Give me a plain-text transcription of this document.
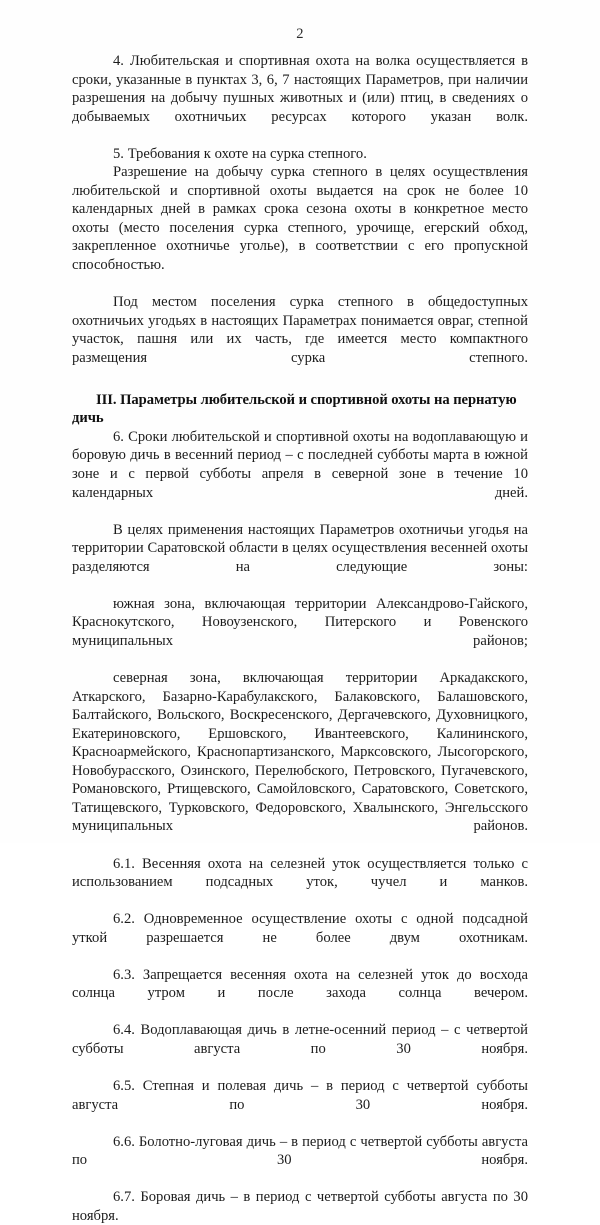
2

4. Любительская и спортивная охота на волка осуществляется в сроки, указанные в пунктах 3, 6, 7 настоящих Параметров, при наличии разрешения на добычу пушных животных и (или) птиц, в сведениях о добываемых охотничьих ресурсах которого указан волк.

5. Требования к охоте на сурка степного.

Разрешение на добычу сурка степного в целях осуществления любительской и спортивной охоты выдается на срок не более 10 календарных дней в рамках срока сезона охоты в конкретное место охоты (место поселения сурка степного, урочище, егерский обход, закрепленное охотничье уголье), в соответствии с его пропускной способностью.

Под местом поселения сурка степного в общедоступных охотничьих угодьях в настоящих Параметрах понимается овраг, степной участок, пашня или их часть, где имеется место компактного размещения сурка степного.

III. Параметры любительской и спортивной охоты на пернатую дичь

6. Сроки любительской и спортивной охоты на водоплавающую и боровую дичь в весенний период – с последней субботы марта в южной зоне и с первой субботы апреля в северной зоне в течение 10 календарных дней.

В целях применения настоящих Параметров охотничьи угодья на территории Саратовской области в целях осуществления весенней охоты разделяются на следующие зоны:

южная зона, включающая территории Александрово-Гайского, Краснокутского, Новоузенского, Питерского и Ровенского муниципальных районов;

северная зона, включающая территории Аркадакского, Аткарского, Базарно-Карабулакского, Балаковского, Балашовского, Балтайского, Вольского, Воскресенского, Дергачевского, Духовницкого, Екатериновского, Ершовского, Ивантеевского, Калининского, Красноармейского, Краснопартизанского, Марксовского, Лысогорского, Новобурасского, Озинского, Перелюбского, Петровского, Пугачевского, Романовского, Ртищевского, Самойловского, Саратовского, Советского, Татищевского, Турковского, Федоровского, Хвалынского, Энгельсского муниципальных районов.

6.1. Весенняя охота на селезней уток осуществляется только с использованием подсадных уток, чучел и манков.

6.2. Одновременное осуществление охоты с одной подсадной уткой разрешается не более двум охотникам.

6.3. Запрещается весенняя охота на селезней уток до восхода солнца утром и после захода солнца вечером.

6.4. Водоплавающая дичь в летне-осенний период – с четвертой субботы августа по 30 ноября.

6.5. Степная и полевая дичь – в период с четвертой субботы августа по 30 ноября.

6.6. Болотно-луговая дичь – в период с четвертой субботы августа по 30 ноября.

6.7. Боровая дичь – в период с четвертой субботы августа по 30 ноября.
